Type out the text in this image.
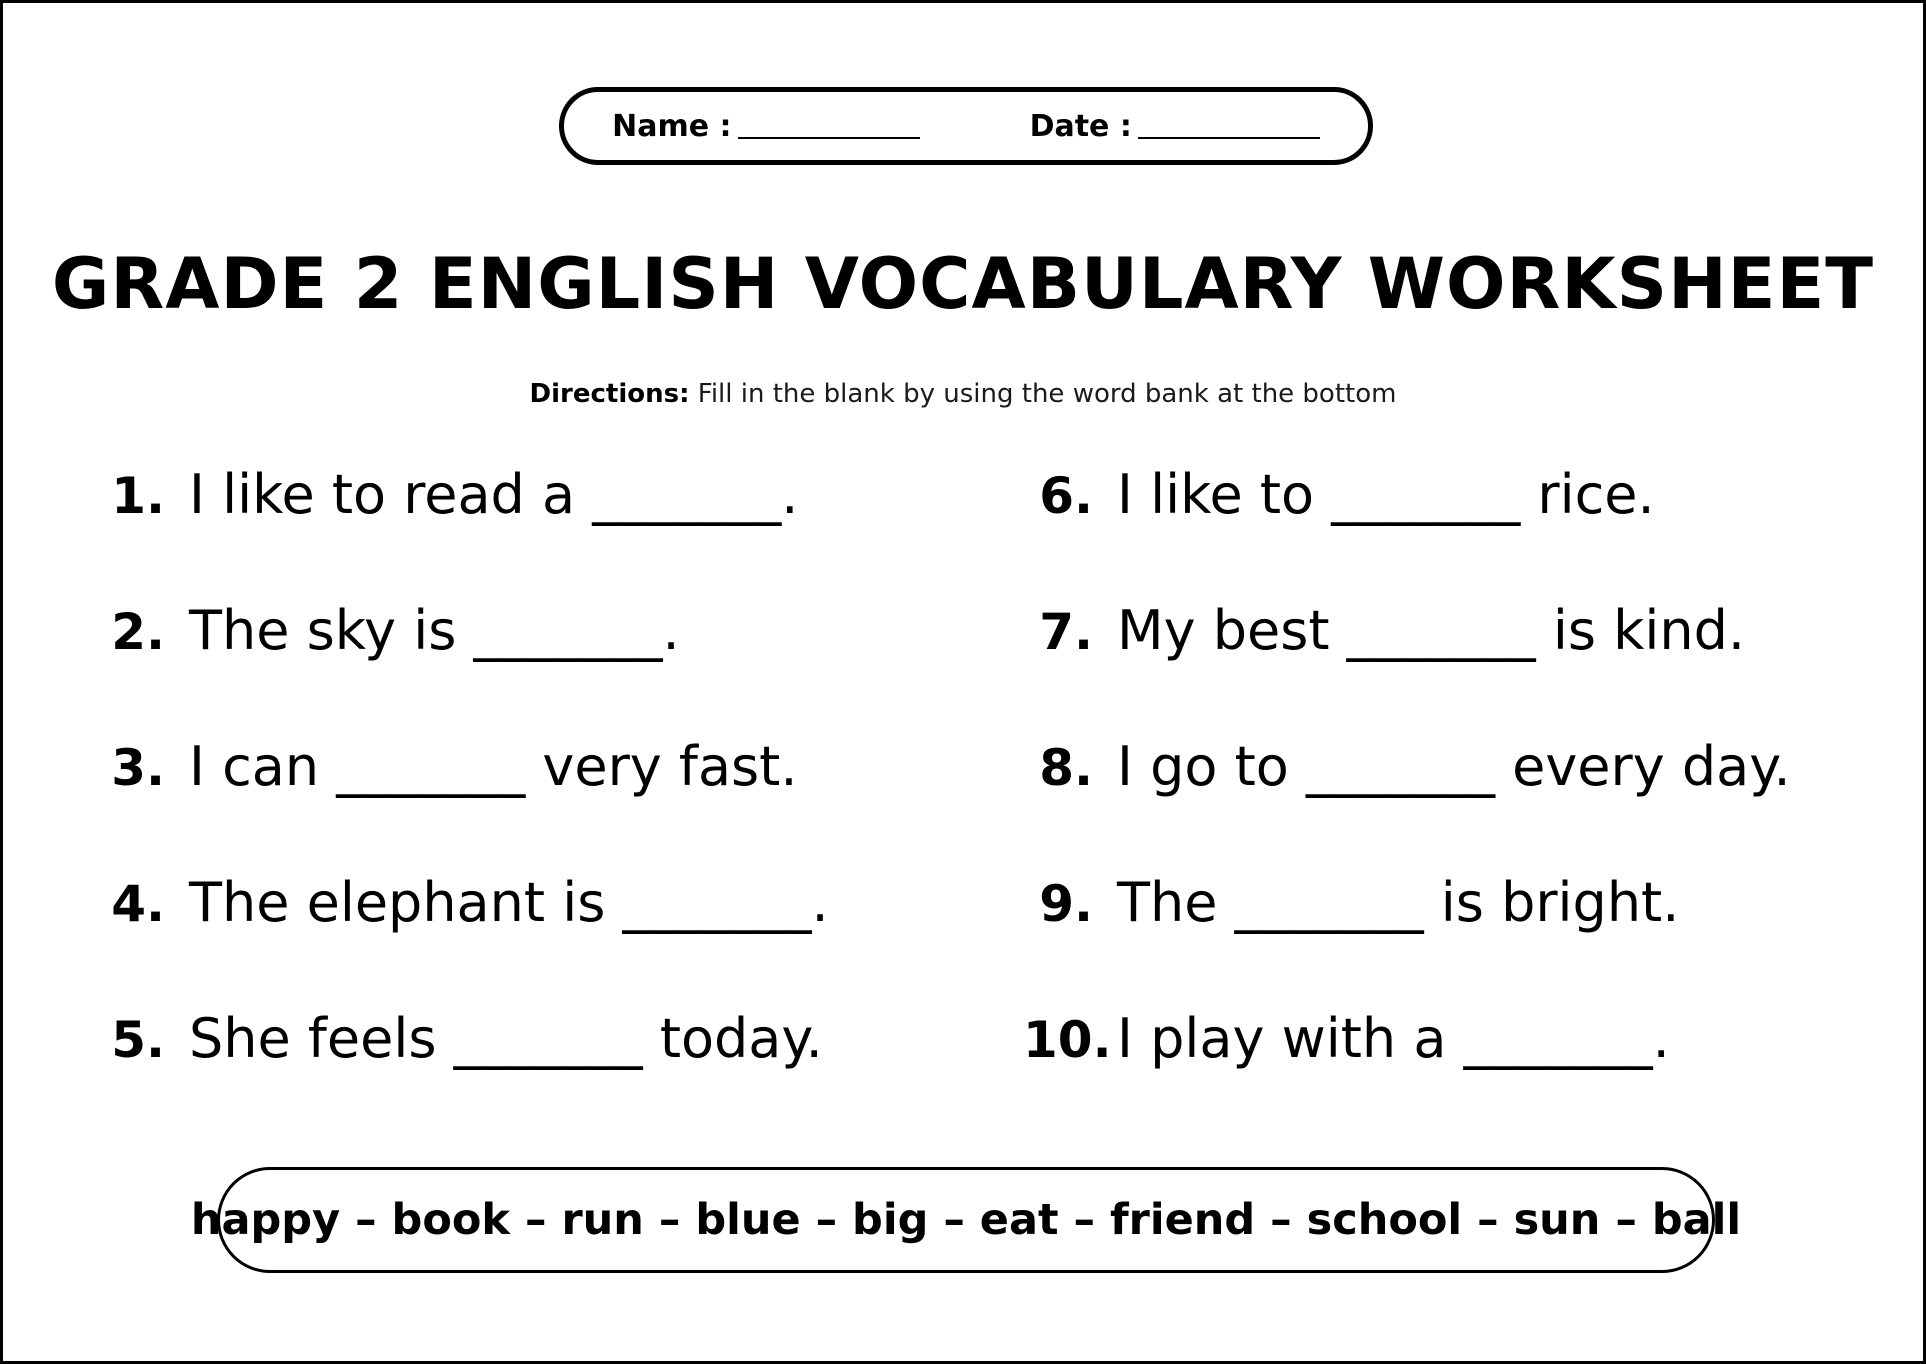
Name :	Date :
GRADE 2 ENGLISH VOCABULARY WORKSHEET
Directions: Fill in the blank by using the word bank at the bottom
1. I like to read a _______.
2. The sky is _______.
3. I can _______ very fast.
4. The elephant is _______.
5. She feels _______ today.
6. I like to _______ rice.
7. My best _______ is kind.
8. I go to _______ every day.
9. The _______ is bright.
10. I play with a _______.
happy – book – run – blue – big – eat – friend – school – sun – ball
